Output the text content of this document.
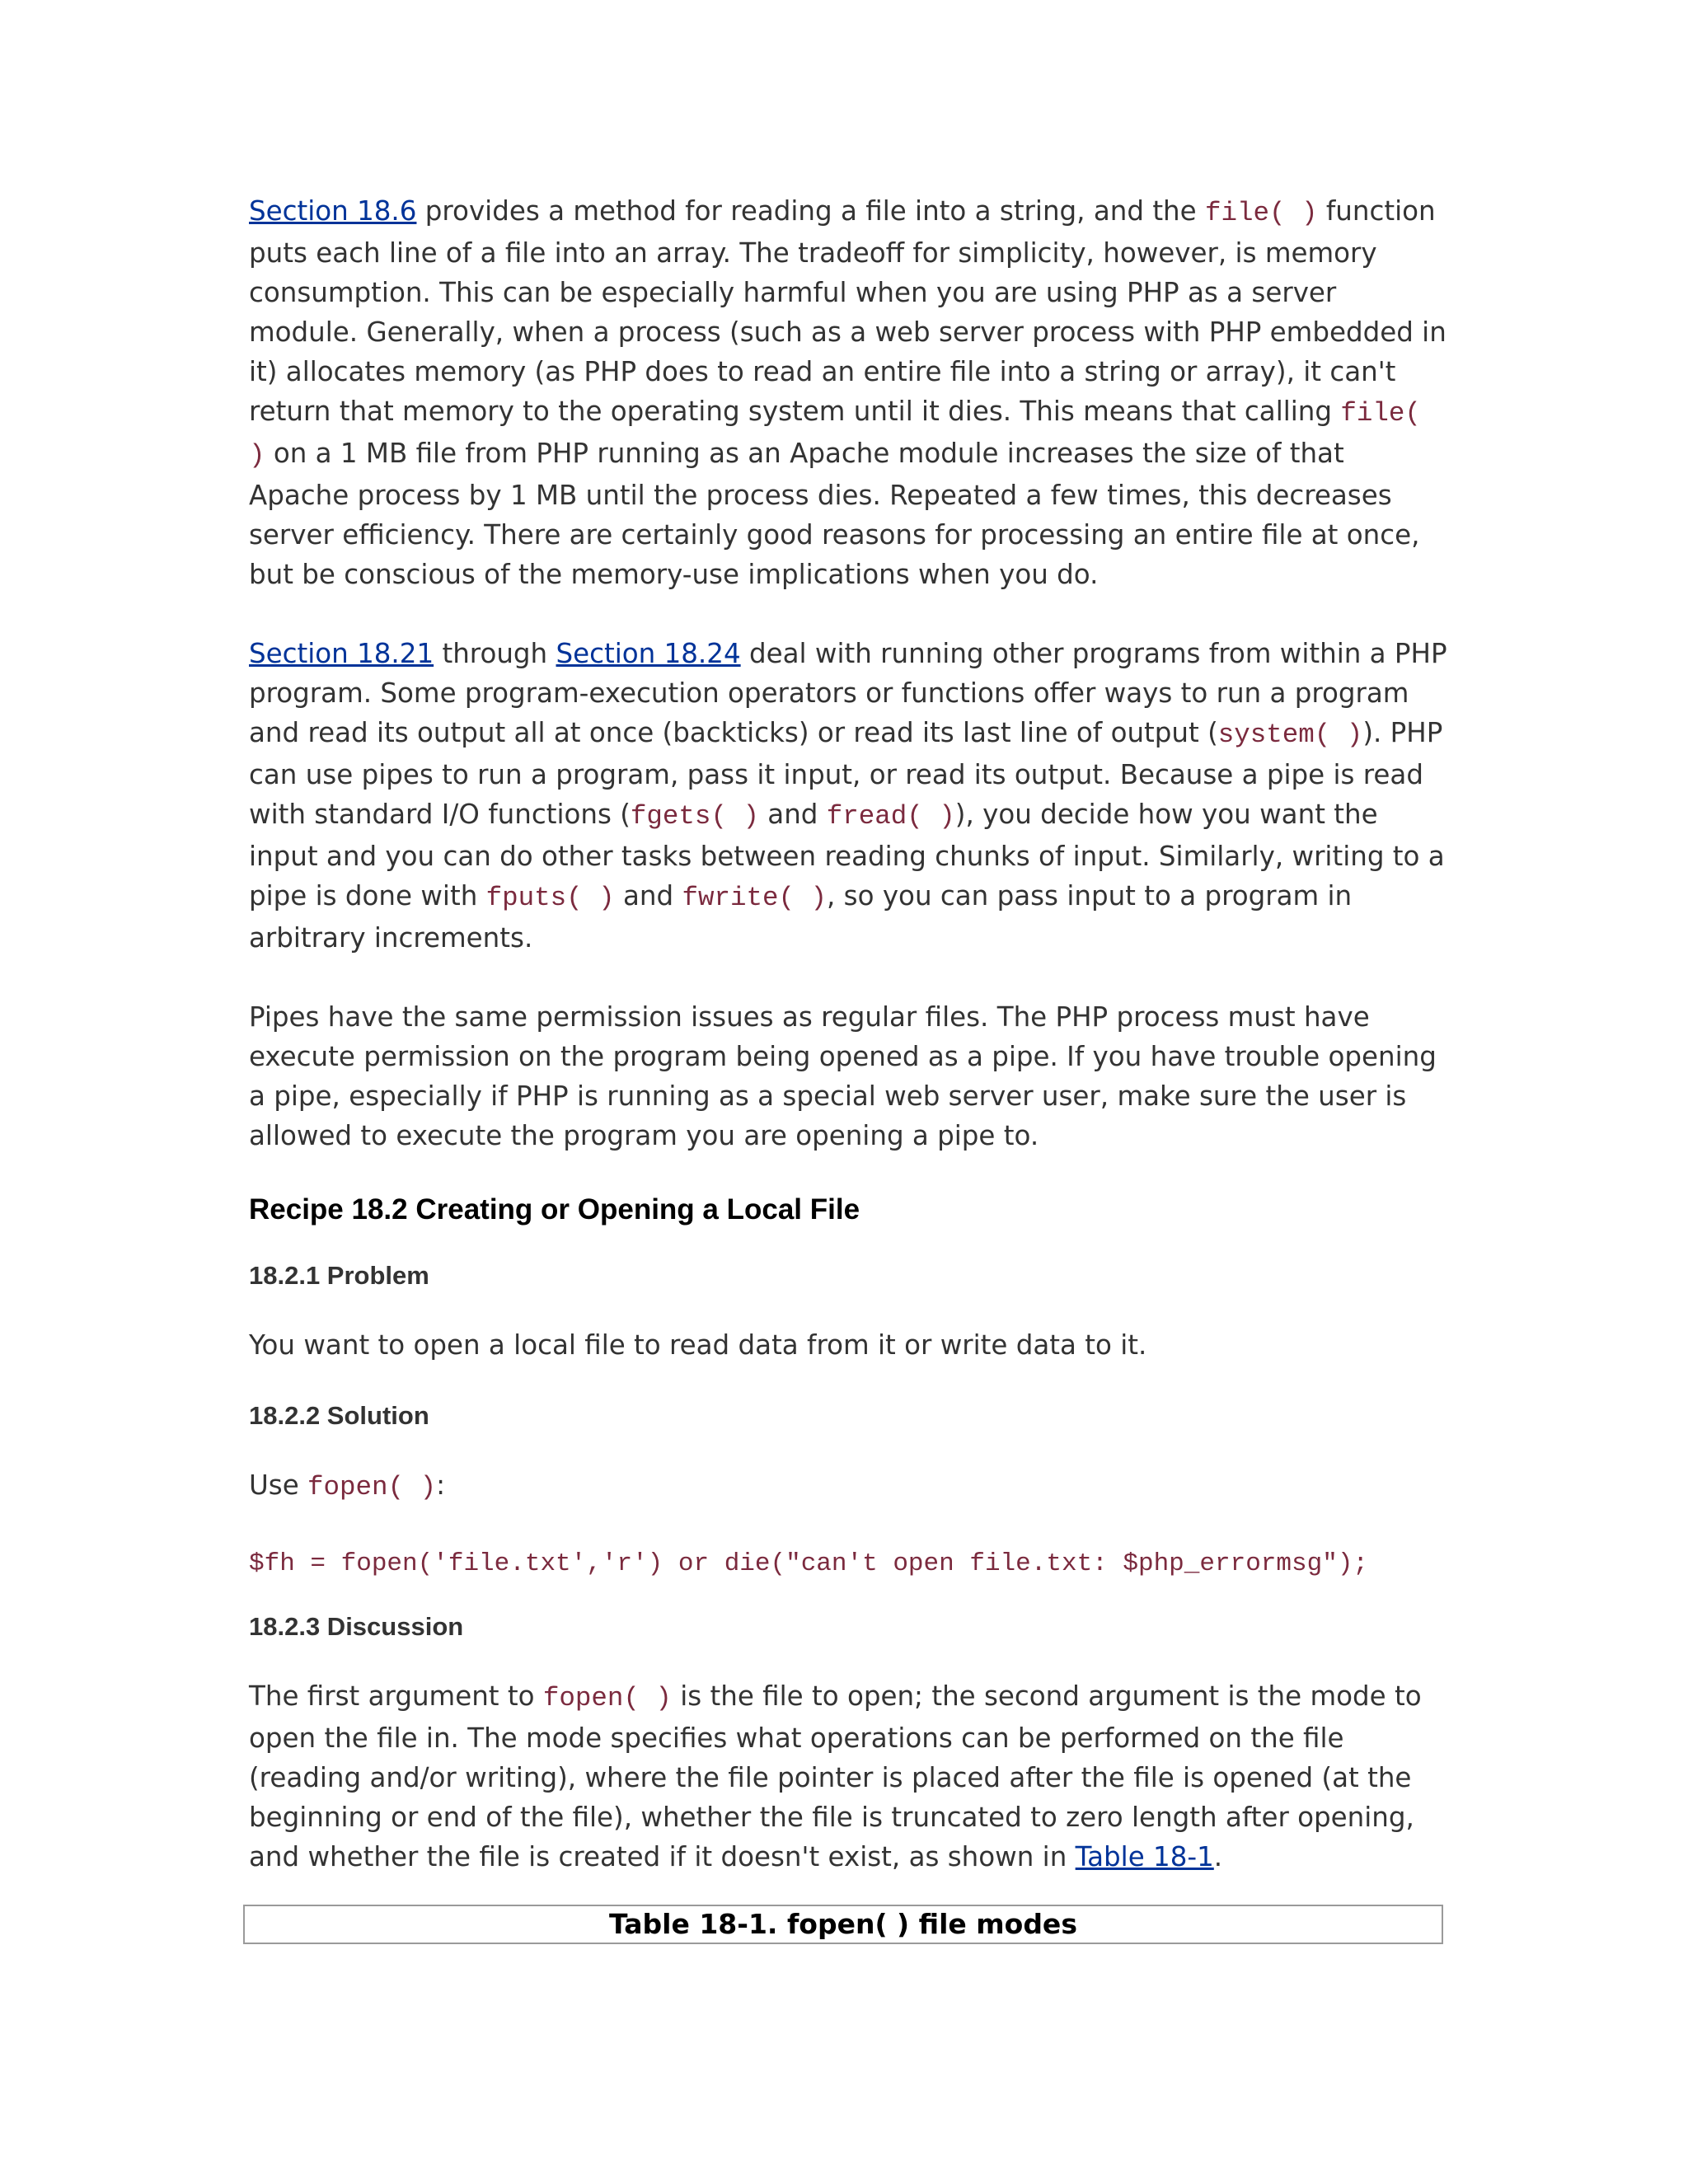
Section 18.6 provides a method for reading a file into a string, and the file( ) function puts each line of a file into an array. The tradeoff for simplicity, however, is memory consumption. This can be especially harmful when you are using PHP as a server module. Generally, when a process (such as a web server process with PHP embedded in it) allocates memory (as PHP does to read an entire file into a string or array), it can't return that memory to the operating system until it dies. This means that calling file( ) on a 1 MB file from PHP running as an Apache module increases the size of that Apache process by 1 MB until the process dies. Repeated a few times, this decreases server efficiency. There are certainly good reasons for processing an entire file at once, but be conscious of the memory-use implications when you do.

Section 18.21 through Section 18.24 deal with running other programs from within a PHP program. Some program-execution operators or functions offer ways to run a program and read its output all at once (backticks) or read its last line of output (system( )). PHP can use pipes to run a program, pass it input, or read its output. Because a pipe is read with standard I/O functions (fgets( ) and fread( )), you decide how you want the input and you can do other tasks between reading chunks of input. Similarly, writing to a pipe is done with fputs( ) and fwrite( ), so you can pass input to a program in arbitrary increments.

Pipes have the same permission issues as regular files. The PHP process must have execute permission on the program being opened as a pipe. If you have trouble opening a pipe, especially if PHP is running as a special web server user, make sure the user is allowed to execute the program you are opening a pipe to.

Recipe 18.2 Creating or Opening a Local File
18.2.1 Problem

You want to open a local file to read data from it or write data to it.

18.2.2 Solution

Use fopen( ):

$fh = fopen('file.txt','r') or die("can't open file.txt: $php_errormsg");
18.2.3 Discussion

The first argument to fopen( ) is the file to open; the second argument is the mode to open the file in. The mode specifies what operations can be performed on the file (reading and/or writing), where the file pointer is placed after the file is opened (at the beginning or end of the file), whether the file is truncated to zero length after opening, and whether the file is created if it doesn't exist, as shown in Table 18-1.

Table 18-1. fopen( ) file modes
